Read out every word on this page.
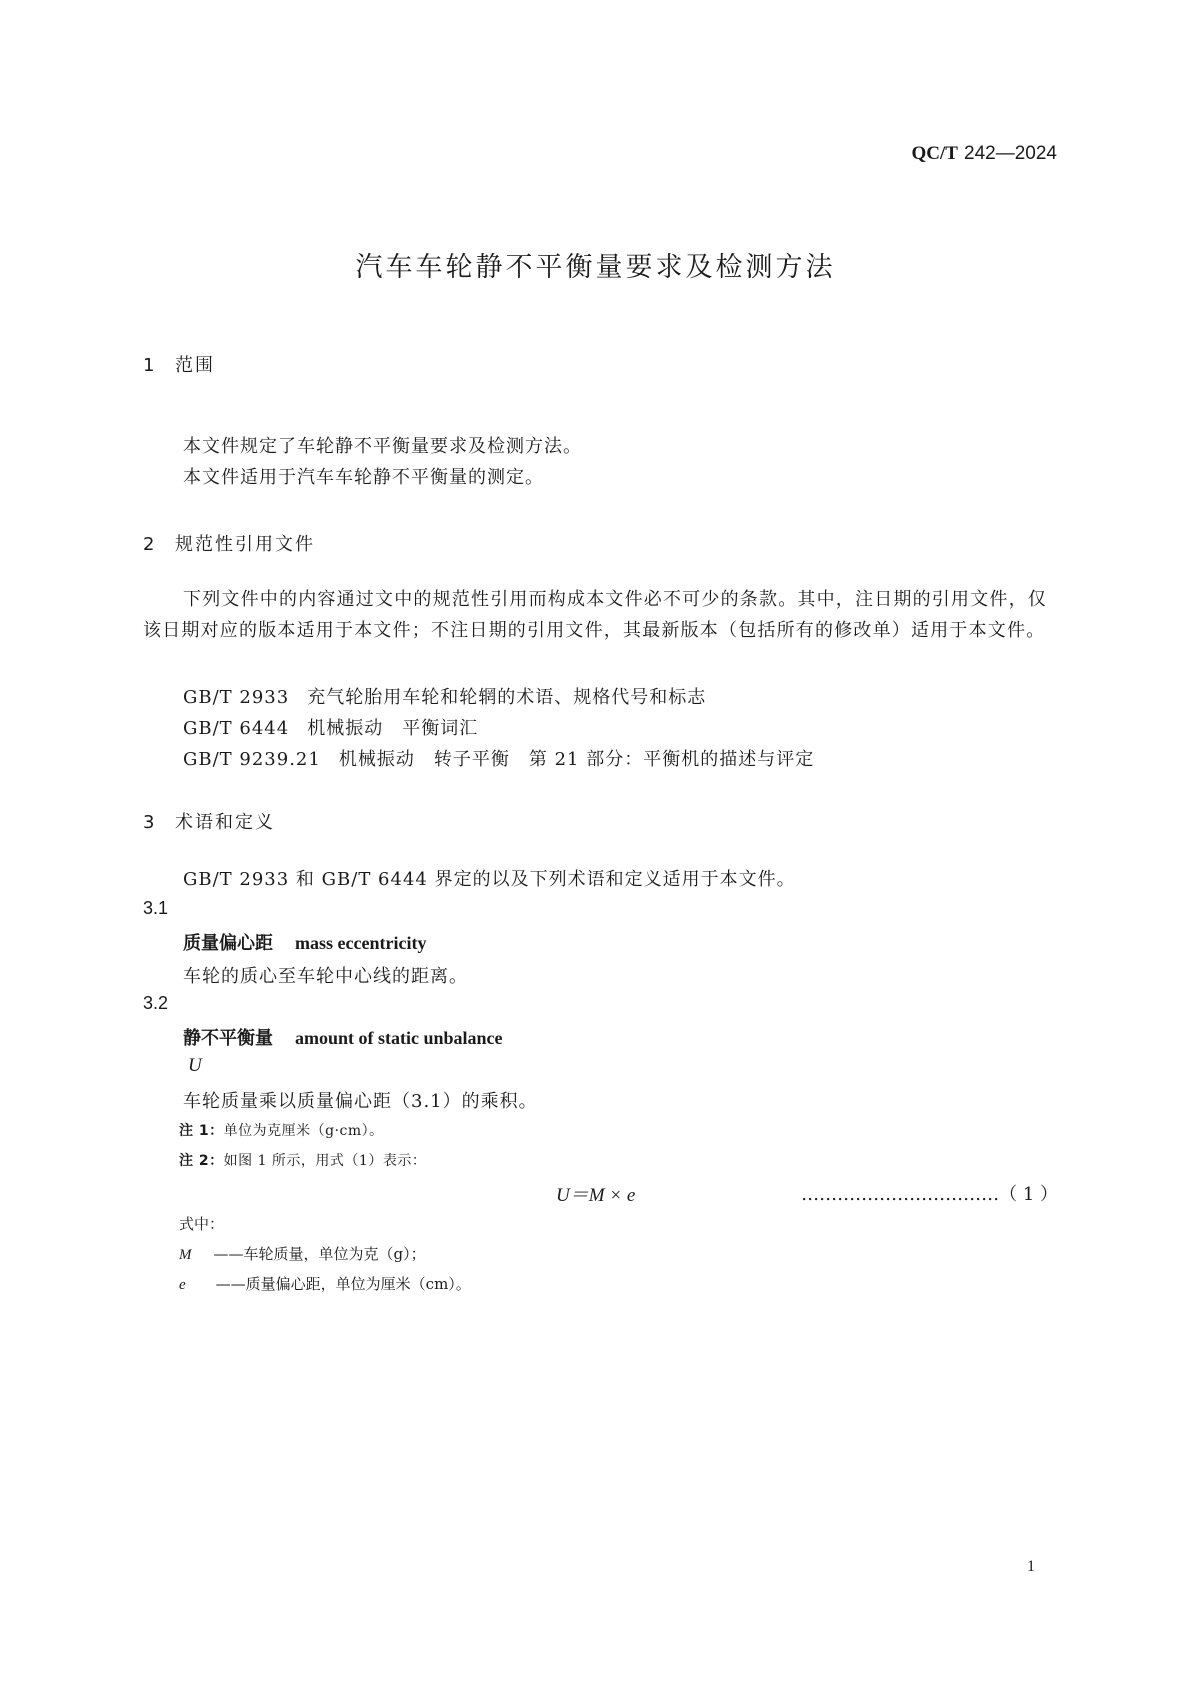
QC/T 242—2024
汽车车轮静不平衡量要求及检测方法
1 范围
本文件规定了车轮静不平衡量要求及检测方法。
本文件适用于汽车车轮静不平衡量的测定。
2 规范性引用文件
下列文件中的内容通过文中的规范性引用而构成本文件必不可少的条款。其中，注日期的引用文件，仅该日期对应的版本适用于本文件；不注日期的引用文件，其最新版本（包括所有的修改单）适用于本文件。
GB/T 2933 充气轮胎用车轮和轮辋的术语、规格代号和标志
GB/T 6444 机械振动　平衡词汇
GB/T 9239.21 机械振动　转子平衡　第 21 部分：平衡机的描述与评定
3 术语和定义
GB/T 2933 和 GB/T 6444 界定的以及下列术语和定义适用于本文件。
3.1
质量偏心距 mass eccentricity
车轮的质心至车轮中心线的距离。
3.2
静不平衡量 amount of static unbalance
U
车轮质量乘以质量偏心距（3.1）的乘积。
注 1：单位为克厘米（g·cm）。
注 2：如图 1 所示，用式（1）表示：
U＝M × e	……………………………（ 1 ）
式中：
M ——车轮质量，单位为克（g）；
e ——质量偏心距，单位为厘米（cm）。
1
